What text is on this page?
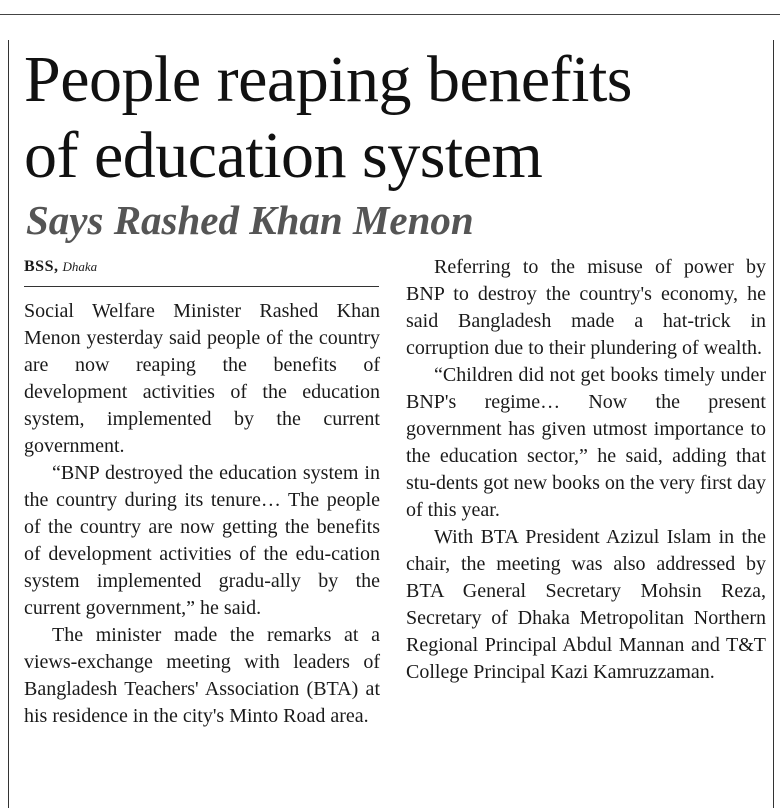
People reaping benefits
of education system
Says Rashed Khan Menon
BSS, Dhaka

Social Welfare Minister Rashed Khan Menon yesterday said people of the country are now reaping the benefits of development activities of the education system, implemented by the current government.

“BNP destroyed the education system in the country during its tenure… The people of the country are now getting the benefits of development activities of the edu-cation system implemented gradu-ally by the current government,” he said.

The minister made the remarks at a views-exchange meeting with leaders of Bangladesh Teachers' Association (BTA) at his residence in the city's Minto Road area.

Referring to the misuse of power by BNP to destroy the country's economy, he said Bangladesh made a hat-trick in corruption due to their plundering of wealth.

“Children did not get books timely under BNP's regime… Now the present government has given utmost importance to the education sector,” he said, adding that stu-dents got new books on the very first day of this year.

With BTA President Azizul Islam in the chair, the meeting was also addressed by BTA General Secretary Mohsin Reza, Secretary of Dhaka Metropolitan Northern Regional Principal Abdul Mannan and T&T College Principal Kazi Kamruzzaman.
